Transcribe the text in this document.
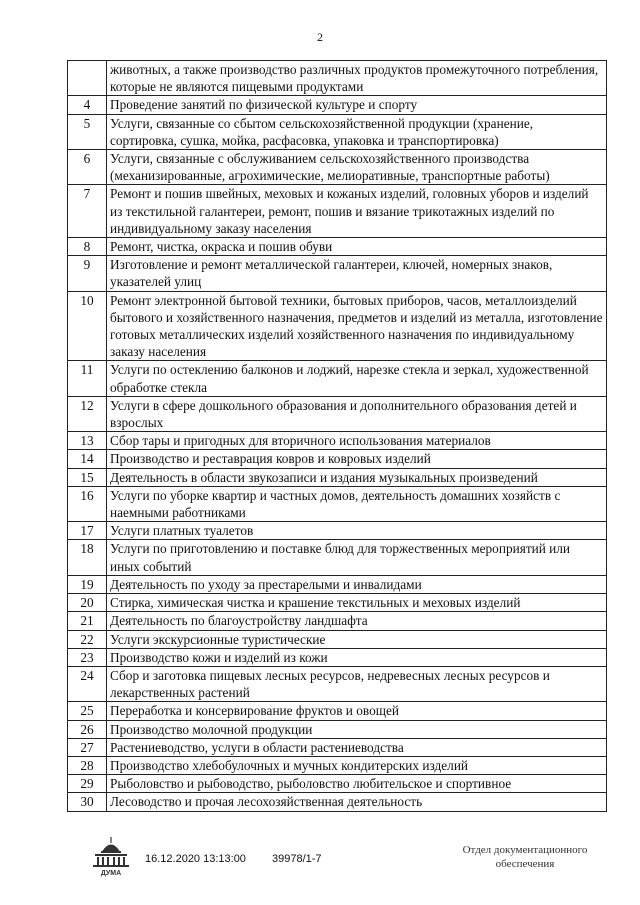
2
	животных, а также производство различных продуктов промежуточного потребления, которые не являются пищевыми продуктами
4	Проведение занятий по физической культуре и спорту
5	Услуги, связанные со сбытом сельскохозяйственной продукции (хранение, сортировка, сушка, мойка, расфасовка, упаковка и транспортировка)
6	Услуги, связанные с обслуживанием сельскохозяйственного производства (механизированные, агрохимические, мелиоративные, транспортные работы)
7	Ремонт и пошив швейных, меховых и кожаных изделий, головных уборов и изделий из текстильной галантереи, ремонт, пошив и вязание трикотажных изделий по индивидуальному заказу населения
8	Ремонт, чистка, окраска и пошив обуви
9	Изготовление и ремонт металлической галантереи, ключей, номерных знаков, указателей улиц
10	Ремонт электронной бытовой техники, бытовых приборов, часов, металлоизделий бытового и хозяйственного назначения, предметов и изделий из металла, изготовление готовых металлических изделий хозяйственного назначения по индивидуальному заказу населения
11	Услуги по остеклению балконов и лоджий, нарезке стекла и зеркал, художественной обработке стекла
12	Услуги в сфере дошкольного образования и дополнительного образования детей и взрослых
13	Сбор тары и пригодных для вторичного использования материалов
14	Производство и реставрация ковров и ковровых изделий
15	Деятельность в области звукозаписи и издания музыкальных произведений
16	Услуги по уборке квартир и частных домов, деятельность домашних хозяйств с наемными работниками
17	Услуги платных туалетов
18	Услуги по приготовлению и поставке блюд для торжественных мероприятий или иных событий
19	Деятельность по уходу за престарелыми и инвалидами
20	Стирка, химическая чистка и крашение текстильных и меховых изделий
21	Деятельность по благоустройству ландшафта
22	Услуги экскурсионные туристические
23	Производство кожи и изделий из кожи
24	Сбор и заготовка пищевых лесных ресурсов, недревесных лесных ресурсов и лекарственных растений
25	Переработка и консервирование фруктов и овощей
26	Производство молочной продукции
27	Растениеводство, услуги в области растениеводства
28	Производство хлебобулочных и мучных кондитерских изделий
29	Рыболовство и рыбоводство, рыболовство любительское и спортивное
30	Лесоводство и прочая лесохозяйственная деятельность
ДУМА
16.12.2020 13:13:00 39978/1-7
Отдел документационного
обеспечения
